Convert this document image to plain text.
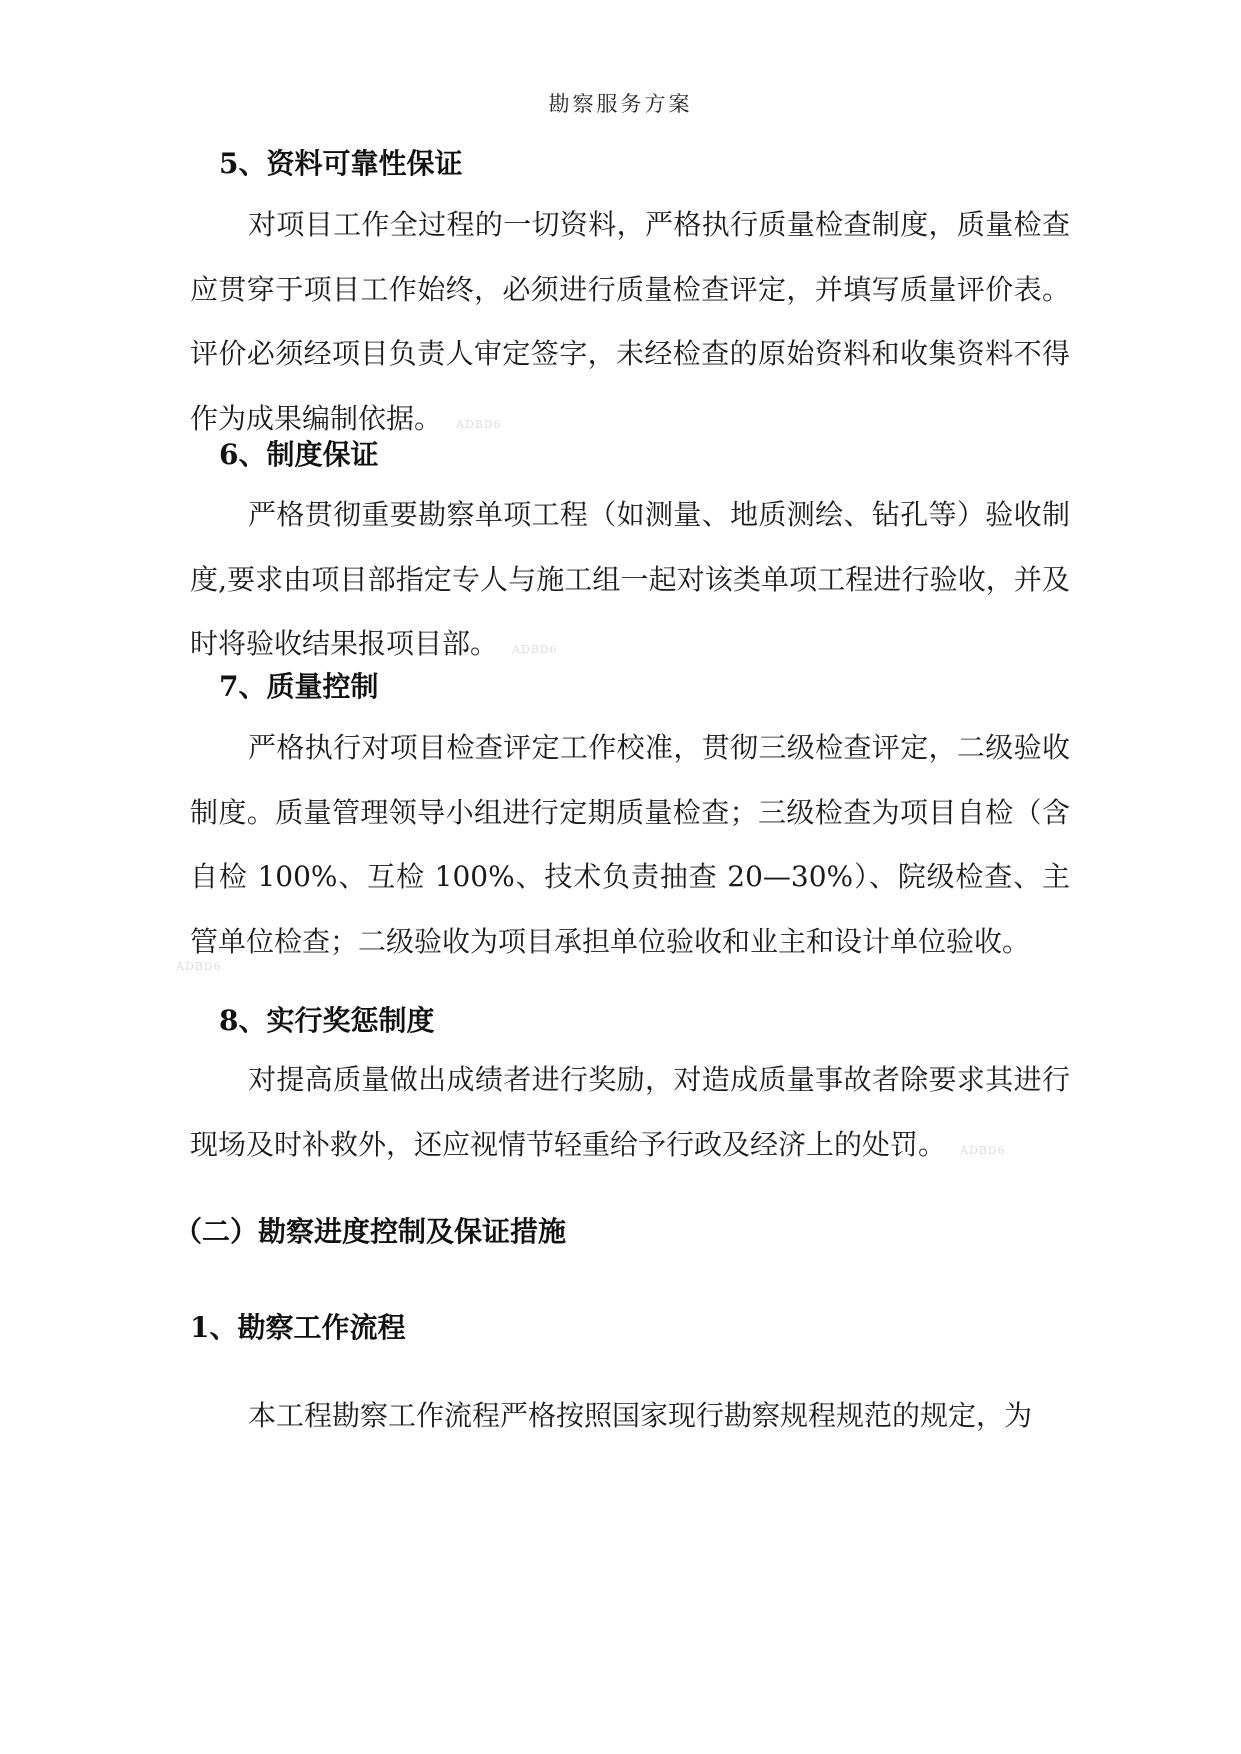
勘察服务方案
5、资料可靠性保证
对项目工作全过程的一切资料，严格执行质量检查制度，质量检查应贯穿于项目工作始终，必须进行质量检查评定，并填写质量评价表。评价必须经项目负责人审定签字，未经检查的原始资料和收集资料不得作为成果编制依据。 ADBD6
6、制度保证
严格贯彻重要勘察单项工程（如测量、地质测绘、钻孔等）验收制度,要求由项目部指定专人与施工组一起对该类单项工程进行验收，并及时将验收结果报项目部。 ADBD6
7、质量控制
严格执行对项目检查评定工作校准，贯彻三级检查评定，二级验收制度。质量管理领导小组进行定期质量检查；三级检查为项目自检（含自检 100%、互检 100%、技术负责抽查 20—30%）、院级检查、主管单位检查；二级验收为项目承担单位验收和业主和设计单位验收。
ADBD6
8、实行奖惩制度
对提高质量做出成绩者进行奖励，对造成质量事故者除要求其进行现场及时补救外，还应视情节轻重给予行政及经济上的处罚。 ADBD6
（二）勘察进度控制及保证措施
1、勘察工作流程
本工程勘察工作流程严格按照国家现行勘察规程规范的规定，为
